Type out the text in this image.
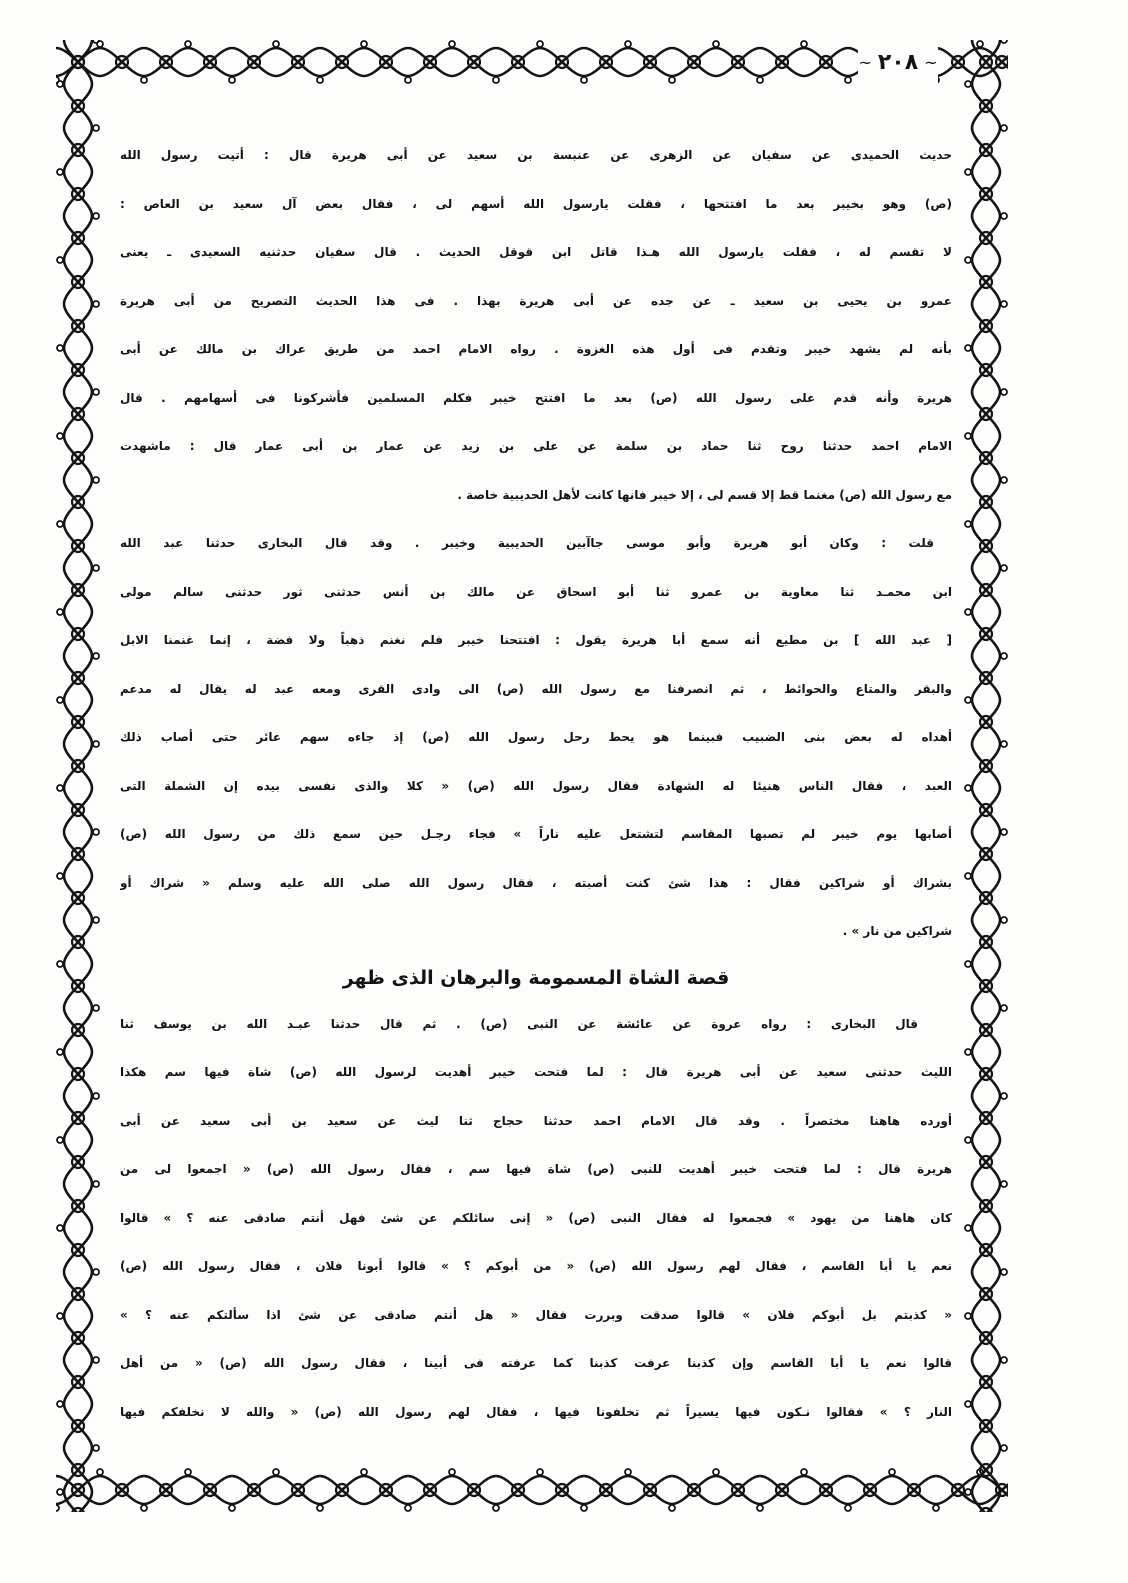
~ ٢٠٨ ~
حديث الحميدى عن سفيان عن الزهرى عن عنبسة بن سعيد عن أبى هريرة قال : أتيت رسول الله
(ص) وهو بخيبر بعد ما افتتحها ، فقلت يارسول الله أسهم لى ، فقال بعض آل سعيد بن العاص :
لا تقسم له ، فقلت يارسول الله هـذا قاتل ابن قوقل الحديث . قال سفيان حدثنيه السعيدى ـ يعنى
عمرو بن يحيى بن سعيد ـ عن جده عن أبى هريرة بهذا . فى هذا الحديث التصريح من أبى هريرة
بأنه لم يشهد خيبر وتقدم فى أول هذه الغزوة . رواه الامام احمد من طريق عراك بن مالك عن أبى
هريرة وأنه قدم على رسول الله (ص) بعد ما افتتح خيبر فكلم المسلمين فأشركونا فى أسهامهم . قال
الامام احمد حدثنا روح ثنا حماد بن سلمة عن على بن زيد عن عمار بن أبى عمار قال : ماشهدت
مع رسول الله (ص) مغنما قط إلا قسم لى ، إلا خيبر فانها كانت لأهل الحديبية خاصة .
قلت : وكان أبو هريرة وأبو موسى جاآبين الحديبية وخيبر . وقد قال البخارى حدثنا عبد الله
ابن محمـد ثنا معاوية بن عمرو ثنا أبو اسحاق عن مالك بن أنس حدثنى ثور حدثنى سالم مولى
[ عبد الله ] بن مطيع أنه سمع أبا هريرة يقول : افتتحنا خيبر فلم نغنم ذهباً ولا فضة ، إنما غنمنا الابل
والبقر والمتاع والحوائط ، ثم انصرفنا مع رسول الله (ص) الى وادى القرى ومعه عبد له يقال له مدعم
أهداه له بعض بنى الضبيب فبينما هو يحط رحل رسول الله (ص) إذ جاءه سهم عائر حتى أصاب ذلك
العبد ، فقال الناس هنيئا له الشهادة فقال رسول الله (ص) « كلا والذى نفسى بيده إن الشملة التى
أصابها يوم خيبر لم تصبها المقاسم لتشتعل عليه ناراً » فجاء رجـل حين سمع ذلك من رسول الله (ص)
بشراك أو شراكين فقال : هذا شئ كنت أصبته ، فقال رسول الله صلى الله عليه وسلم « شراك أو
شراكين من نار » .
قصة الشاة المسمومة والبرهان الذى ظهر
قال البخارى : رواه عروة عن عائشة عن النبى (ص) . ثم قال حدثنا عبـد الله بن يوسف ثنا
الليث حدثنى سعيد عن أبى هريرة قال : لما فتحت خيبر أهديت لرسول الله (ص) شاة فيها سم هكذا
أورده هاهنا مختصراً . وقد قال الامام احمد حدثنا حجاج ثنا ليث عن سعيد بن أبى سعيد عن أبى
هريرة قال : لما فتحت خيبر أهديت للنبى (ص) شاة فيها سم ، فقال رسول الله (ص) « اجمعوا لى من
كان هاهنا من يهود » فجمعوا له فقال النبى (ص) « إنى سائلكم عن شئ فهل أنتم صادقى عنه ؟ » قالوا
نعم يا أبا القاسم ، فقال لهم رسول الله (ص) « من أبوكم ؟ » قالوا أبونا فلان ، فقال رسول الله (ص)
« كذبتم بل أبوكم فلان » قالوا صدقت وبررت فقال « هل أنتم صادقى عن شئ اذا سألتكم عنه ؟ »
قالوا نعم يا أبا القاسم وإن كذبنا عرفت كذبنا كما عرفته فى أبينا ، فقال رسول الله (ص) « من أهل
النار ؟ » فقالوا نـكون فيها يسيراً ثم تخلفونا فيها ، فقال لهم رسول الله (ص) « والله لا نخلفكم فيها
